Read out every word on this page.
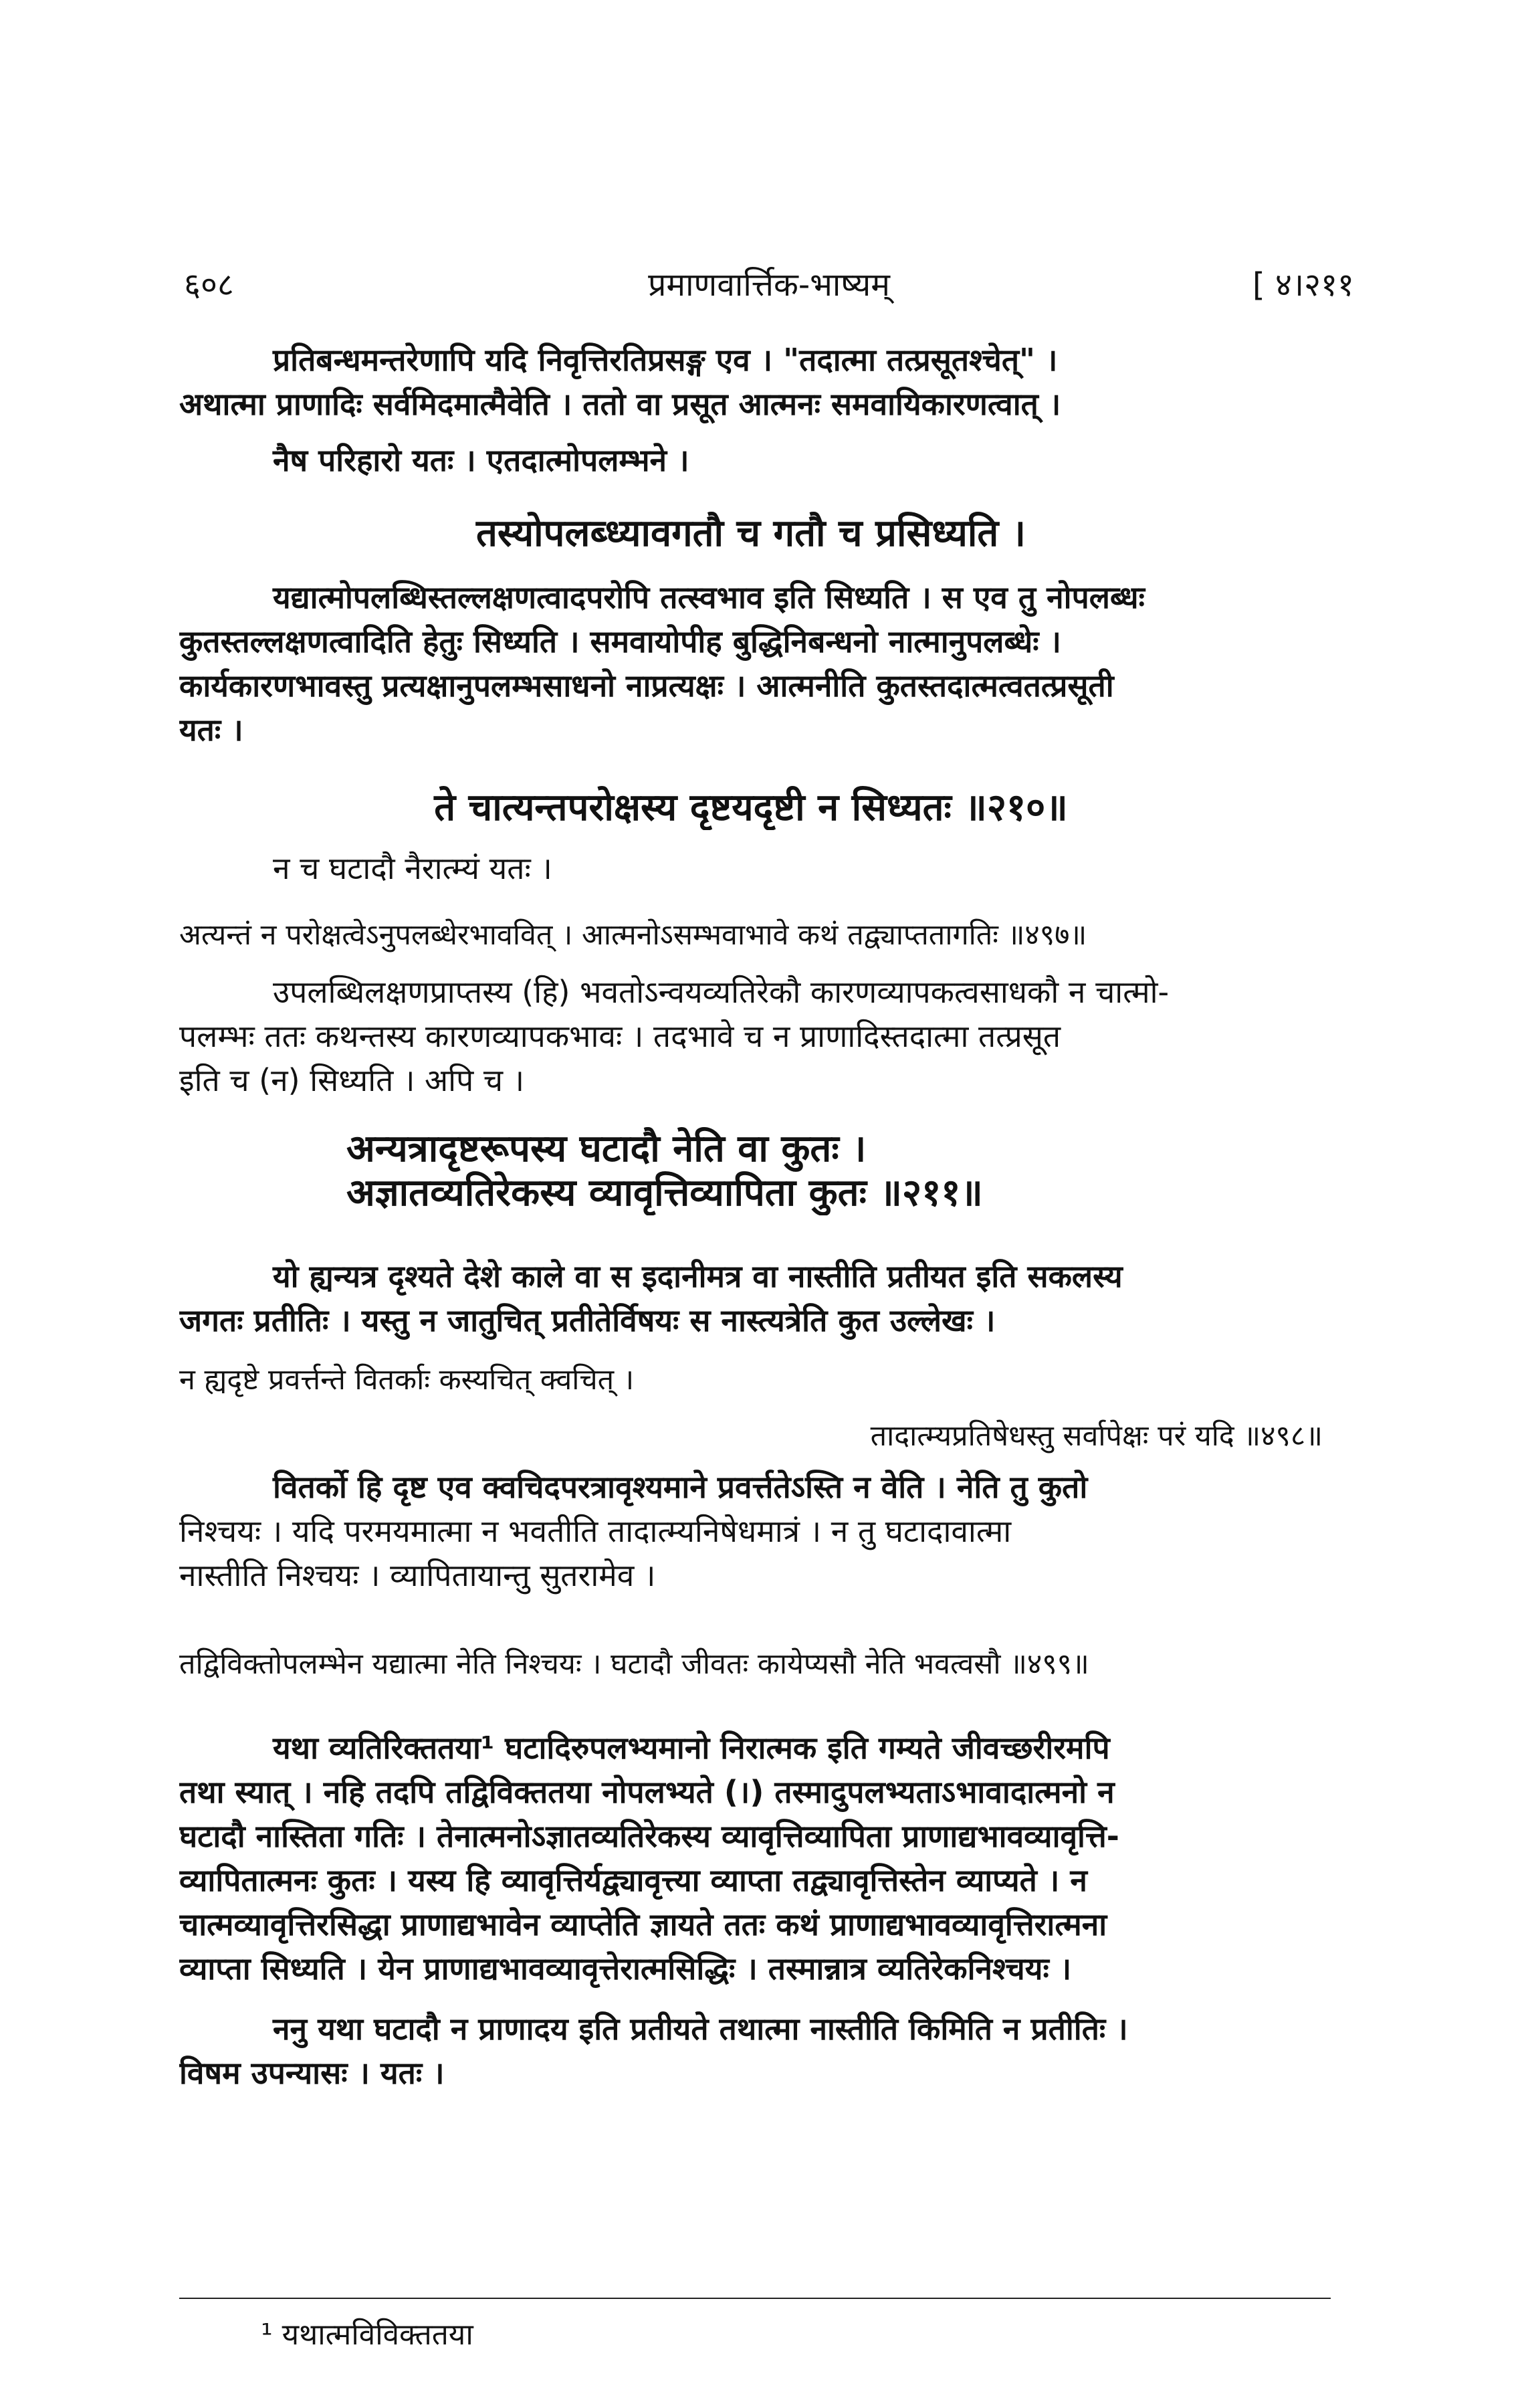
६०८	प्रमाणवार्त्तिक-भाष्यम्	[ ४।२११
प्रतिबन्धमन्तरेणापि यदि निवृत्तिरतिप्रसङ्ग एव । "तदात्मा तत्प्रसूतश्चेत्" ।
अथात्मा प्राणादिः सर्वमिदमात्मैवेति । ततो वा प्रसूत आत्मनः समवायिकारणत्वात् ।
नैष परिहारो यतः । एतदात्मोपलम्भने ।
तस्योपलब्ध्यावगतौ च गतौ च प्रसिध्यति ।
यद्यात्मोपलब्धिस्तल्लक्षणत्वादपरोपि तत्स्वभाव इति सिध्यति । स एव तु नोपलब्धः
कुतस्तल्लक्षणत्वादिति हेतुः सिध्यति । समवायोपीह बुद्धिनिबन्धनो नात्मानुपलब्धेः ।
कार्यकारणभावस्तु प्रत्यक्षानुपलम्भसाधनो नाप्रत्यक्षः । आत्मनीति कुतस्तदात्मत्वतत्प्रसूती
यतः ।
ते चात्यन्तपरोक्षस्य दृष्टयदृष्टी न सिध्यतः ॥२१०॥
न च घटादौ नैरात्म्यं यतः ।
अत्यन्तं न परोक्षत्वेऽनुपलब्धेरभाववित् । आत्मनोऽसम्भवाभावे कथं तद्व्याप्ततागतिः ॥४९७॥
उपलब्धिलक्षणप्राप्तस्य (हि) भवतोऽन्वयव्यतिरेकौ कारणव्यापकत्वसाधकौ न चात्मो-
पलम्भः ततः कथन्तस्य कारणव्यापकभावः । तदभावे च न प्राणादिस्तदात्मा तत्प्रसूत
इति च (न) सिध्यति । अपि च ।
अन्यत्रादृष्टरूपस्य घटादौ नेति वा कुतः ।
अज्ञातव्यतिरेकस्य व्यावृत्तिव्यापिता कुतः ॥२११॥
यो ह्यन्यत्र दृश्यते देशे काले वा स इदानीमत्र वा नास्तीति प्रतीयत इति सकलस्य
जगतः प्रतीतिः । यस्तु न जातुचित् प्रतीतेर्विषयः स नास्त्यत्रेति कुत उल्लेखः ।
न ह्यदृष्टे प्रवर्त्तन्ते वितर्काः कस्यचित् क्वचित् ।
तादात्म्यप्रतिषेधस्तु सर्वापेक्षः परं यदि ॥४९८॥
वितर्को हि दृष्ट एव क्वचिदपरत्रावृश्यमाने प्रवर्त्ततेऽस्ति न वेति । नेति तु कुतो
निश्चयः । यदि परमयमात्मा न भवतीति तादात्म्यनिषेधमात्रं । न तु घटादावात्मा
नास्तीति निश्चयः । व्यापितायान्तु सुतरामेव ।
तद्विविक्तोपलम्भेन यद्यात्मा नेति निश्चयः । घटादौ जीवतः कायेप्यसौ नेति भवत्वसौ ॥४९९॥
यथा व्यतिरिक्ततया¹ घटादिरुपलभ्यमानो निरात्मक इति गम्यते जीवच्छरीरमपि
तथा स्यात् । नहि तदपि तद्विविक्ततया नोपलभ्यते (।) तस्मादुपलभ्यताऽभावादात्मनो न
घटादौ नास्तिता गतिः । तेनात्मनोऽज्ञातव्यतिरेकस्य व्यावृत्तिव्यापिता प्राणाद्यभावव्यावृत्ति-
व्यापितात्मनः कुतः । यस्य हि व्यावृत्तिर्यद्व्यावृत्त्या व्याप्ता तद्व्यावृत्तिस्तेन व्याप्यते । न
चात्मव्यावृत्तिरसिद्धा प्राणाद्यभावेन व्याप्तेति ज्ञायते ततः कथं प्राणाद्यभावव्यावृत्तिरात्मना
व्याप्ता सिध्यति । येन प्राणाद्यभावव्यावृत्तेरात्मसिद्धिः । तस्मान्नात्र व्यतिरेकनिश्चयः ।
ननु यथा घटादौ न प्राणादय इति प्रतीयते तथात्मा नास्तीति किमिति न प्रतीतिः ।
विषम उपन्यासः । यतः ।
¹ यथात्मविविक्ततया
